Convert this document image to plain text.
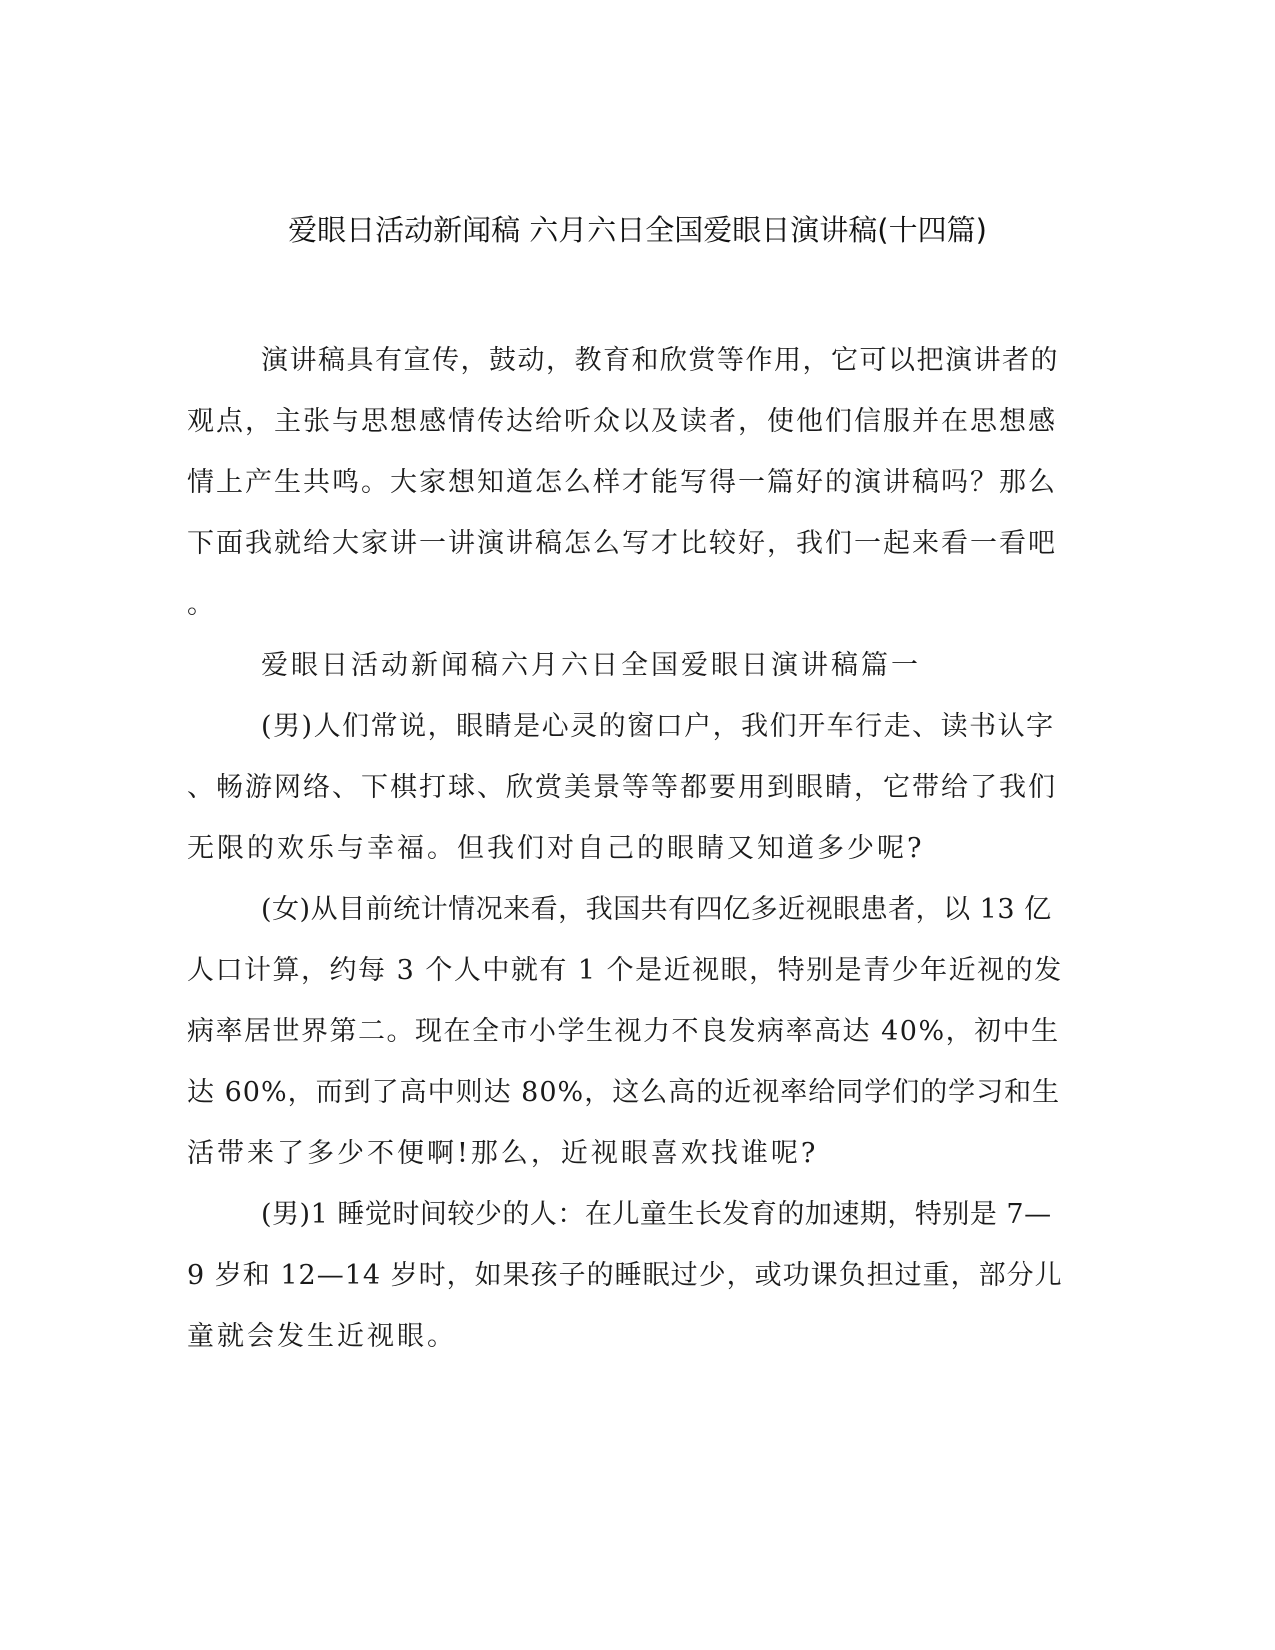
爱眼日活动新闻稿 六月六日全国爱眼日演讲稿(十四篇)
演讲稿具有宣传，鼓动，教育和欣赏等作用，它可以把演讲者的
观点，主张与思想感情传达给听众以及读者，使他们信服并在思想感
情上产生共鸣。大家想知道怎么样才能写得一篇好的演讲稿吗？那么
下面我就给大家讲一讲演讲稿怎么写才比较好，我们一起来看一看吧
。
爱眼日活动新闻稿六月六日全国爱眼日演讲稿篇一
(男)人们常说，眼睛是心灵的窗口户，我们开车行走、读书认字
、畅游网络、下棋打球、欣赏美景等等都要用到眼睛，它带给了我们
无限的欢乐与幸福。但我们对自己的眼睛又知道多少呢?
(女)从目前统计情况来看，我国共有四亿多近视眼患者，以 13 亿
人口计算，约每 3 个人中就有 1 个是近视眼，特别是青少年近视的发
病率居世界第二。现在全市小学生视力不良发病率高达 40%，初中生
达 60%，而到了高中则达 80%，这么高的近视率给同学们的学习和生
活带来了多少不便啊!那么，近视眼喜欢找谁呢?
(男)1 睡觉时间较少的人：在儿童生长发育的加速期，特别是 7—
9 岁和 12—14 岁时，如果孩子的睡眠过少，或功课负担过重，部分儿
童就会发生近视眼。
